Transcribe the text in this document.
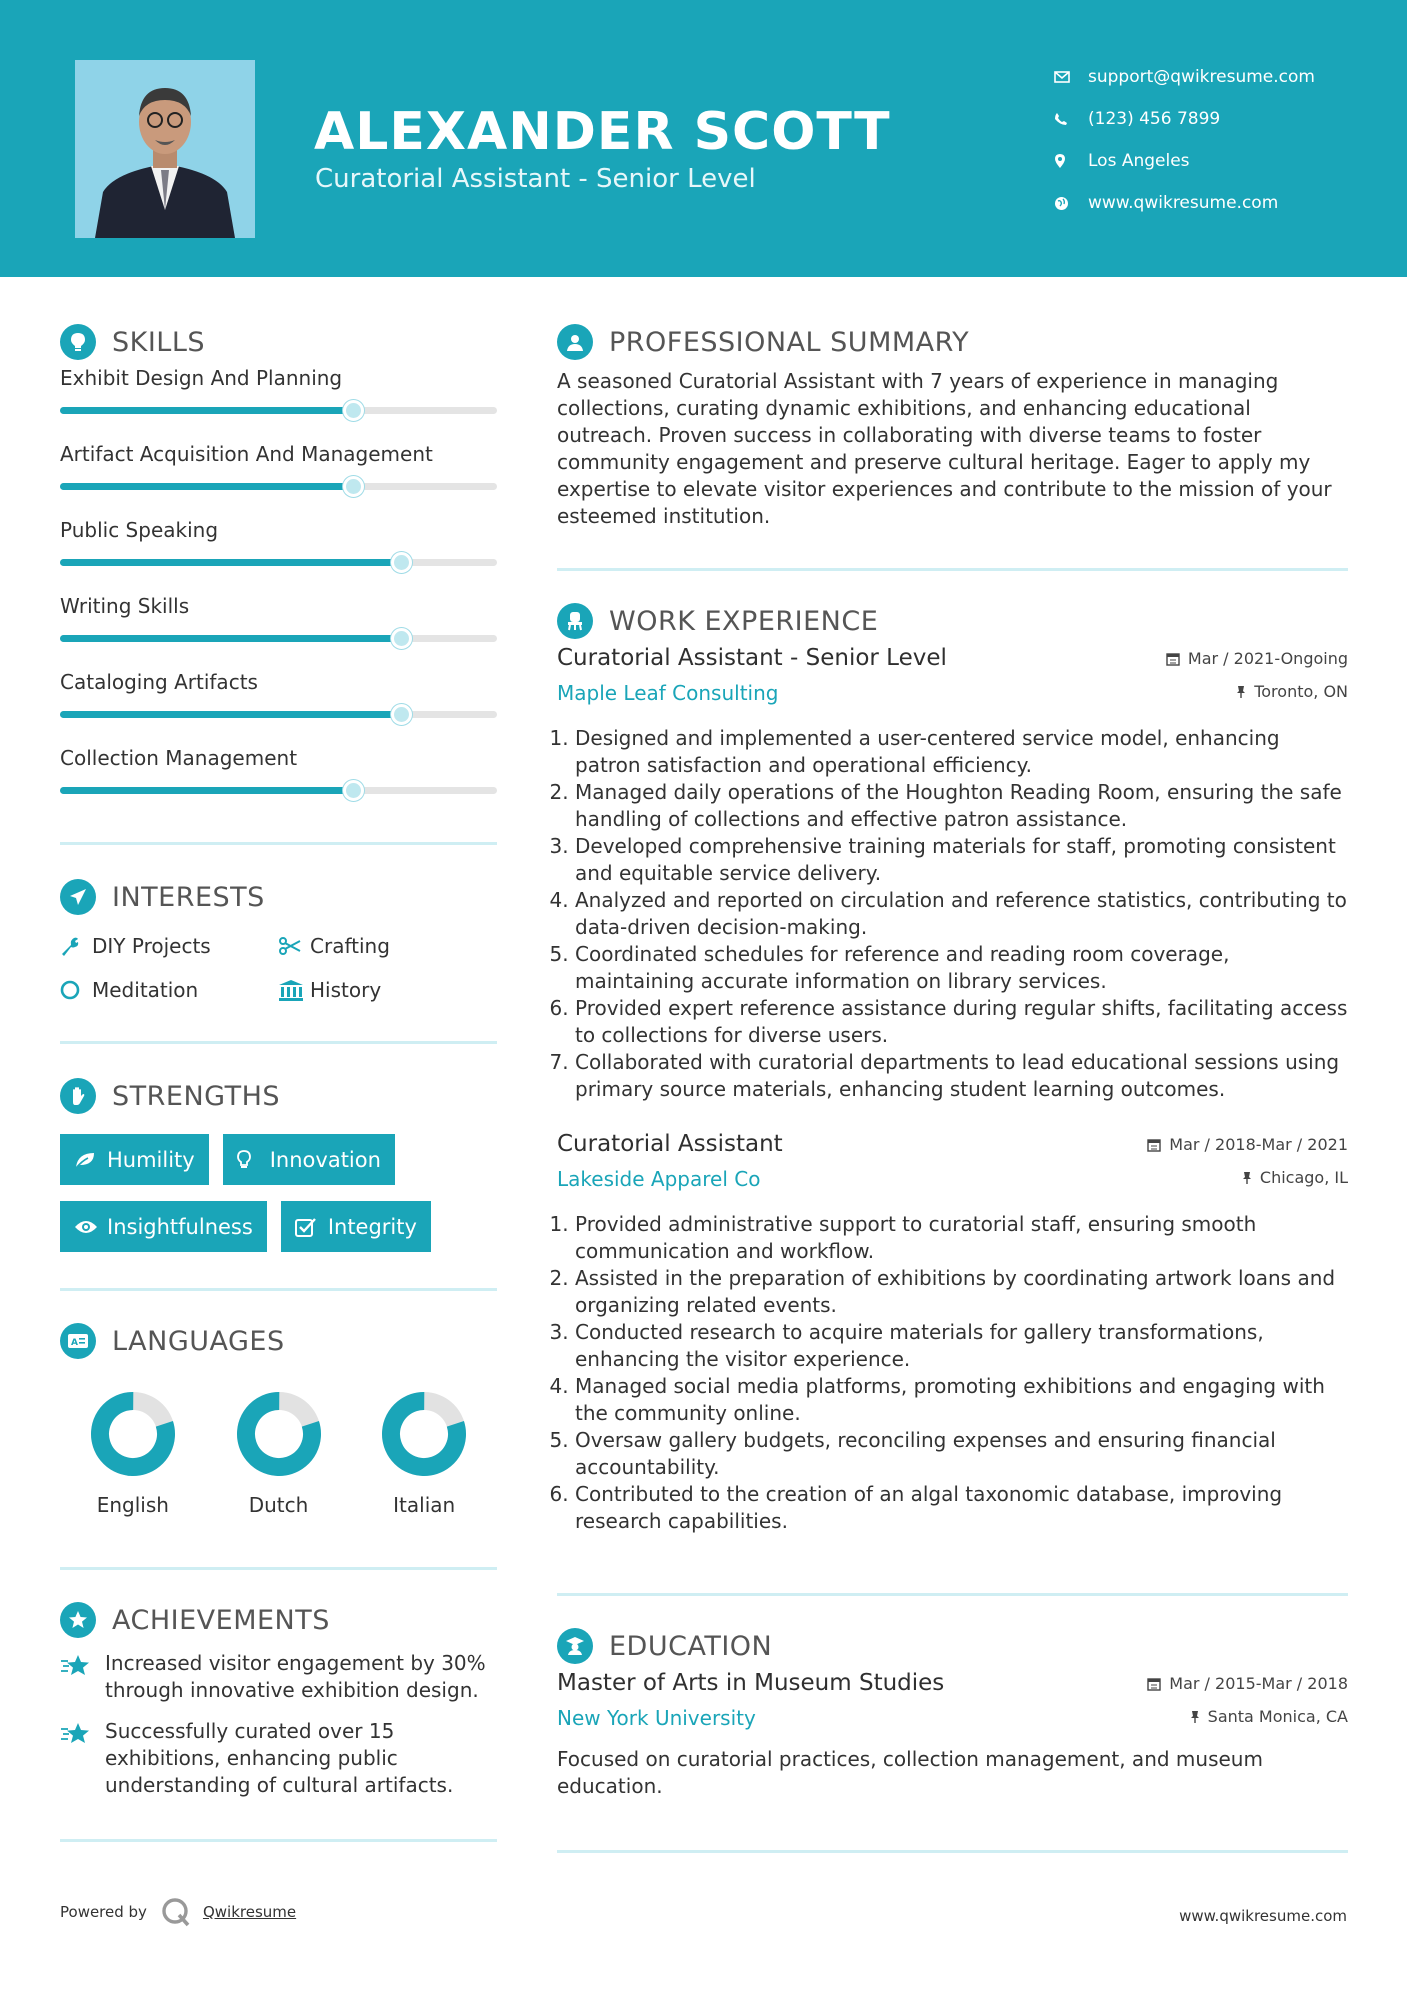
ALEXANDER SCOTT
Curatorial Assistant - Senior Level
support@qwikresume.com
(123) 456 7899
Los Angeles
www.qwikresume.com
SKILLS
Exhibit Design And Planning
Artifact Acquisition And Management
Public Speaking
Writing Skills
Cataloging Artifacts
Collection Management
INTERESTS
DIY Projects	Crafting
Meditation	History
STRENGTHS
Humility	Innovation
Insightfulness	Integrity
A LANGUAGES
English	Dutch	Italian
ACHIEVEMENTS
Increased visitor engagement by 30% through innovative exhibition design.
Successfully curated over 15 exhibitions, enhancing public understanding of cultural artifacts.
PROFESSIONAL SUMMARY
A seasoned Curatorial Assistant with 7 years of experience in managing collections, curating dynamic exhibitions, and enhancing educational outreach. Proven success in collaborating with diverse teams to foster community engagement and preserve cultural heritage. Eager to apply my expertise to elevate visitor experiences and contribute to the mission of your esteemed institution.
WORK EXPERIENCE
Curatorial Assistant - Senior Level
Maple Leaf Consulting
Mar / 2021-Ongoing
Toronto, ON
1. Designed and implemented a user-centered service model, enhancing patron satisfaction and operational efficiency.
2. Managed daily operations of the Houghton Reading Room, ensuring the safe handling of collections and effective patron assistance.
3. Developed comprehensive training materials for staff, promoting consistent and equitable service delivery.
4. Analyzed and reported on circulation and reference statistics, contributing to data-driven decision-making.
5. Coordinated schedules for reference and reading room coverage, maintaining accurate information on library services.
6. Provided expert reference assistance during regular shifts, facilitating access to collections for diverse users.
7. Collaborated with curatorial departments to lead educational sessions using primary source materials, enhancing student learning outcomes.
Curatorial Assistant
Lakeside Apparel Co
Mar / 2018-Mar / 2021
Chicago, IL
1. Provided administrative support to curatorial staff, ensuring smooth communication and workflow.
2. Assisted in the preparation of exhibitions by coordinating artwork loans and organizing related events.
3. Conducted research to acquire materials for gallery transformations, enhancing the visitor experience.
4. Managed social media platforms, promoting exhibitions and engaging with the community online.
5. Oversaw gallery budgets, reconciling expenses and ensuring financial accountability.
6. Contributed to the creation of an algal taxonomic database, improving research capabilities.
EDUCATION
Master of Arts in Museum Studies
New York University
Mar / 2015-Mar / 2018
Santa Monica, CA
Focused on curatorial practices, collection management, and museum education.
Powered by	Qwikresume	www.qwikresume.com
